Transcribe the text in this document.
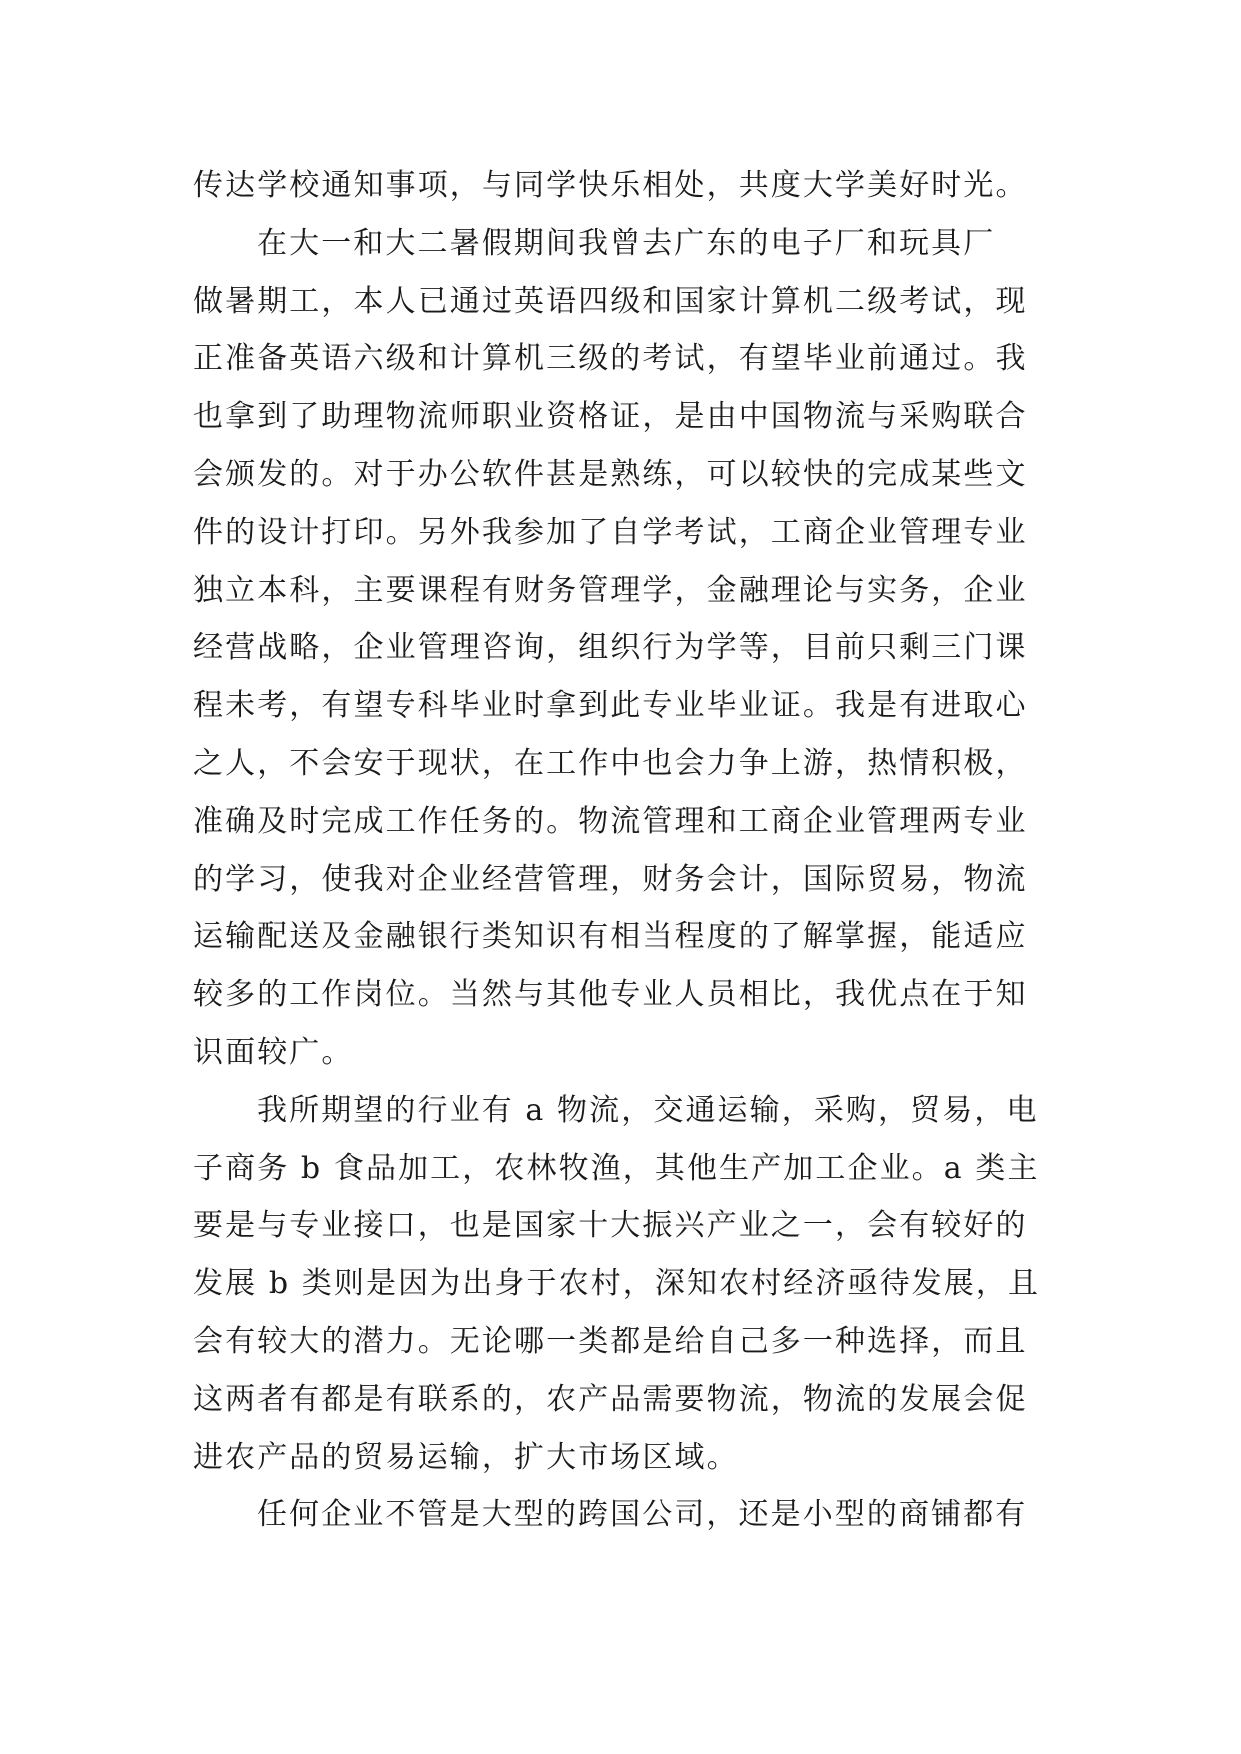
传达学校通知事项，与同学快乐相处，共度大学美好时光。
在大一和大二暑假期间我曾去广东的电子厂和玩具厂
做暑期工，本人已通过英语四级和国家计算机二级考试，现
正准备英语六级和计算机三级的考试，有望毕业前通过。我
也拿到了助理物流师职业资格证，是由中国物流与采购联合
会颁发的。对于办公软件甚是熟练，可以较快的完成某些文
件的设计打印。另外我参加了自学考试，工商企业管理专业
独立本科，主要课程有财务管理学，金融理论与实务，企业
经营战略，企业管理咨询，组织行为学等，目前只剩三门课
程未考，有望专科毕业时拿到此专业毕业证。我是有进取心
之人，不会安于现状，在工作中也会力争上游，热情积极，
准确及时完成工作任务的。物流管理和工商企业管理两专业
的学习，使我对企业经营管理，财务会计，国际贸易，物流
运输配送及金融银行类知识有相当程度的了解掌握，能适应
较多的工作岗位。当然与其他专业人员相比，我优点在于知
识面较广。
我所期望的行业有 a 物流，交通运输，采购，贸易，电
子商务 b 食品加工，农林牧渔，其他生产加工企业。a 类主
要是与专业接口，也是国家十大振兴产业之一，会有较好的
发展 b 类则是因为出身于农村，深知农村经济亟待发展，且
会有较大的潜力。无论哪一类都是给自己多一种选择，而且
这两者有都是有联系的，农产品需要物流，物流的发展会促
进农产品的贸易运输，扩大市场区域。
任何企业不管是大型的跨国公司，还是小型的商铺都有
